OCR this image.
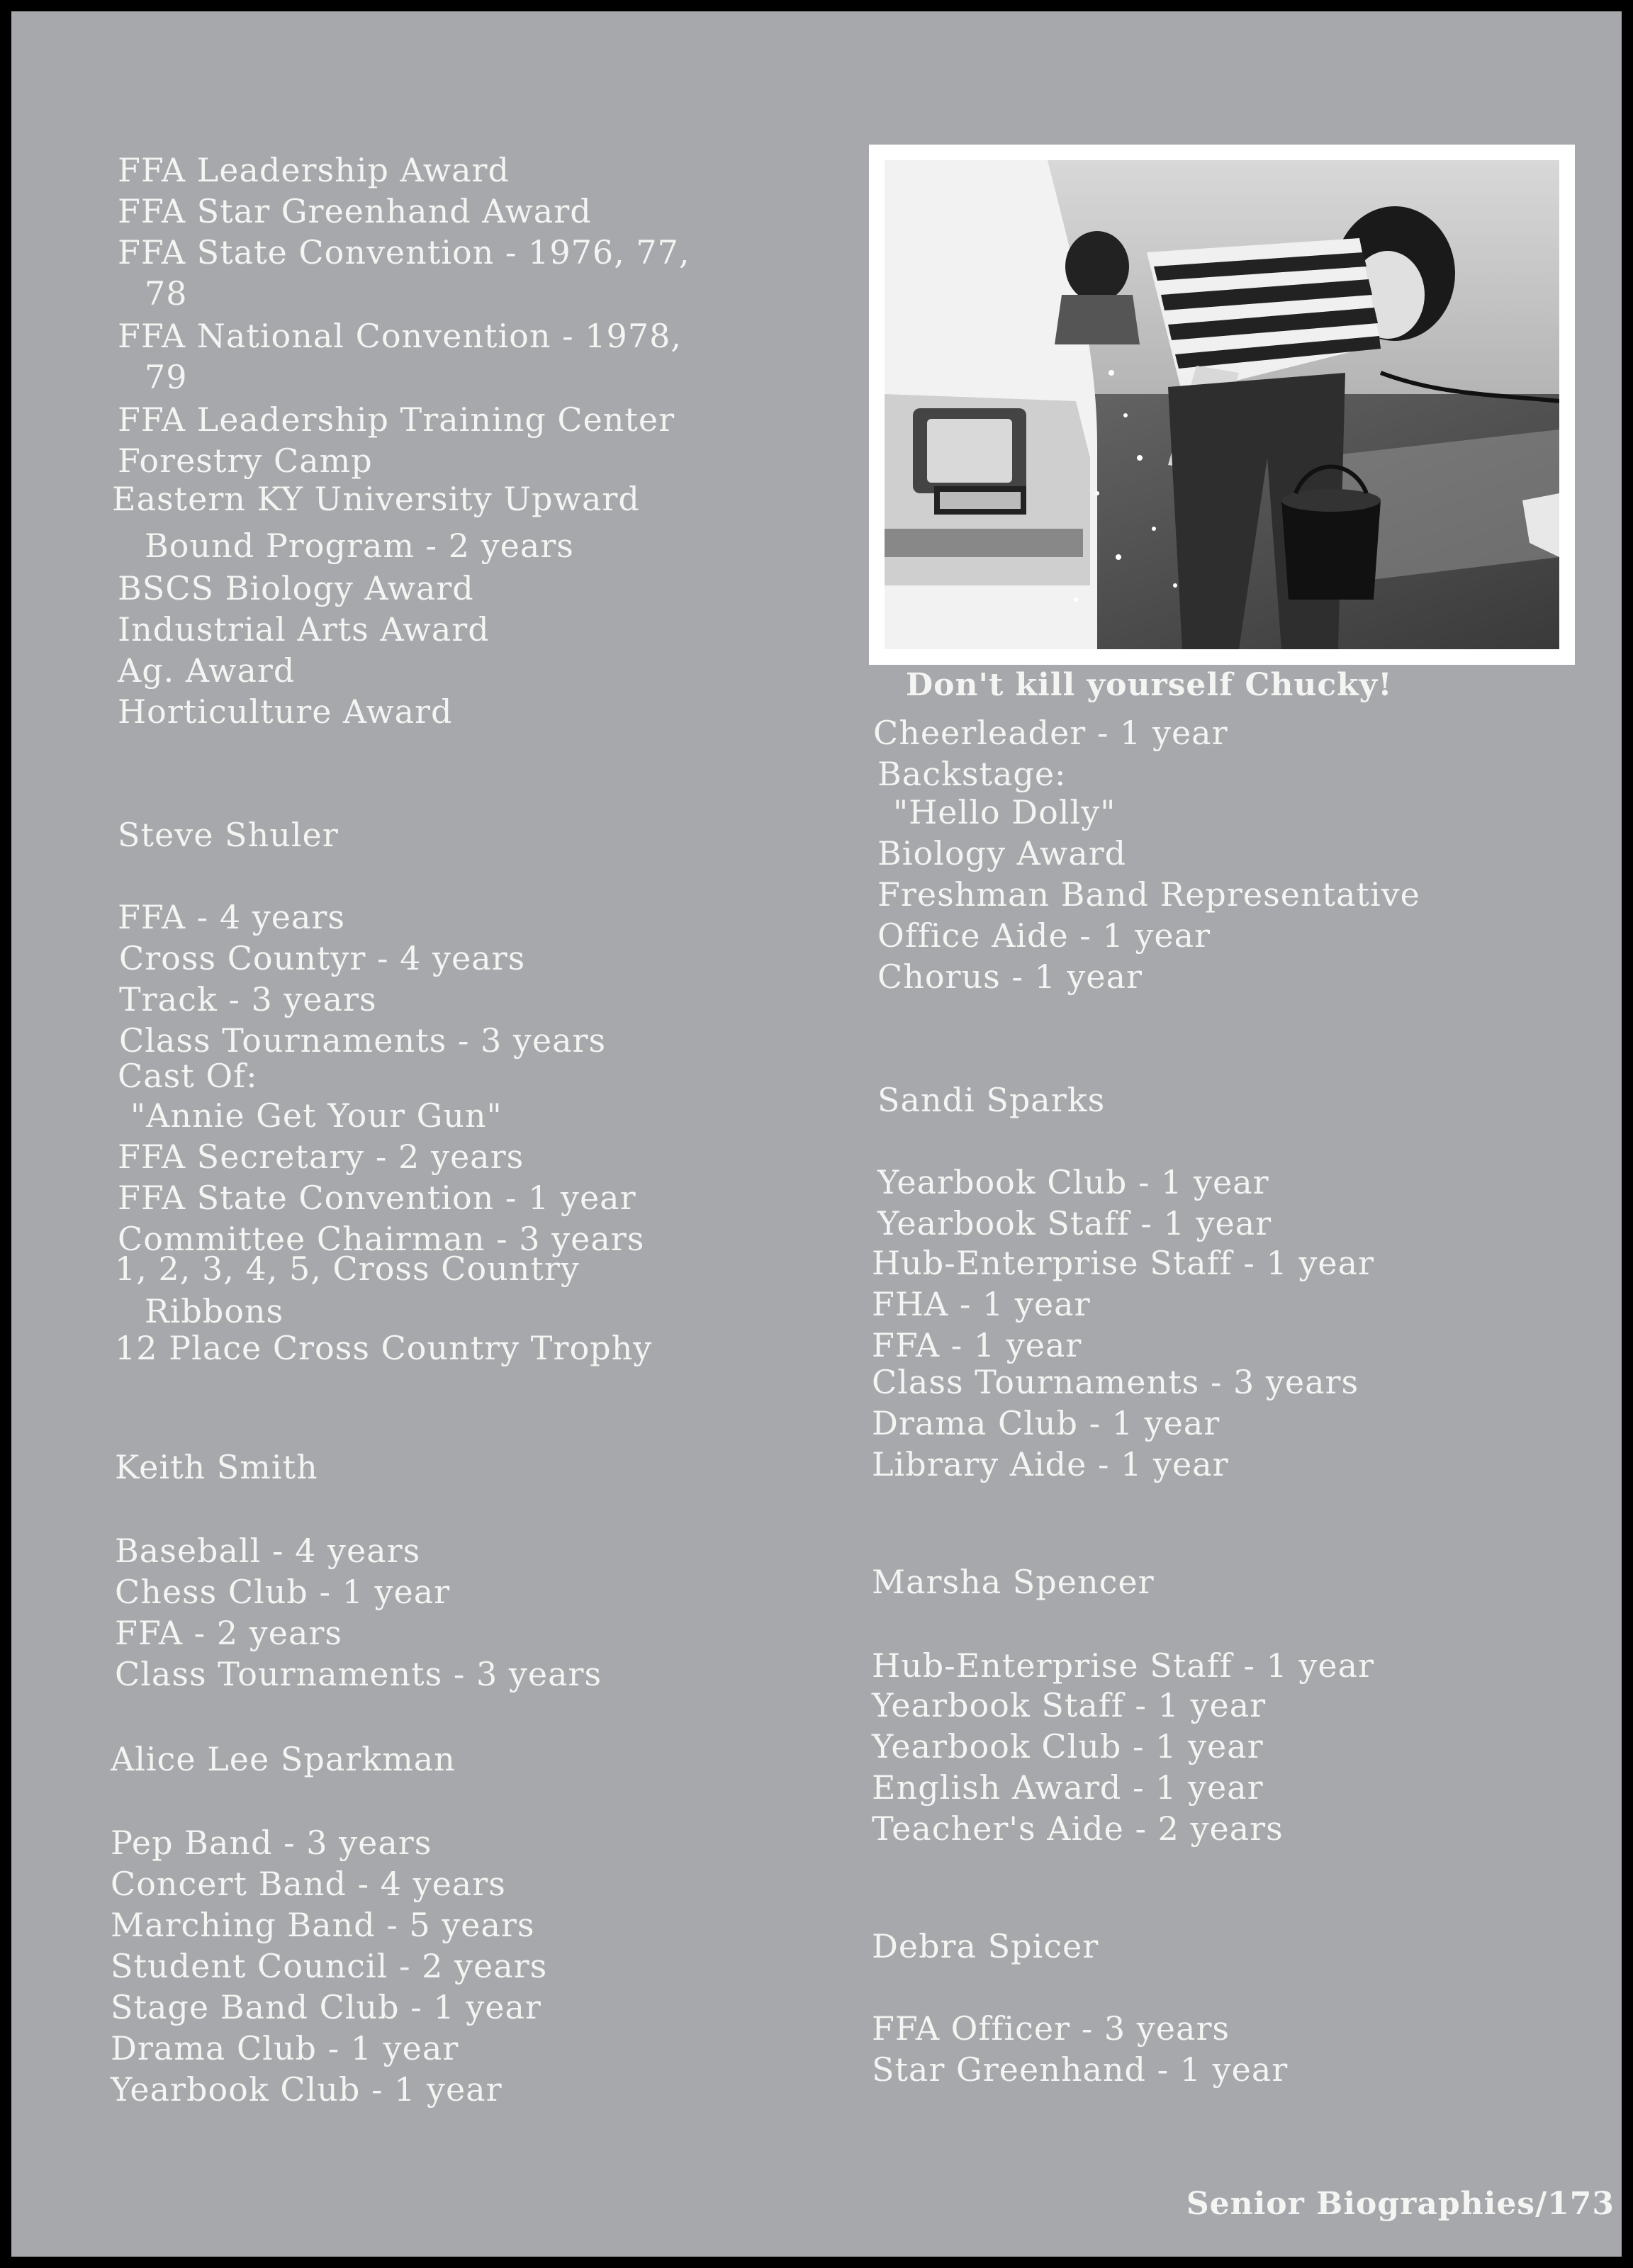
FFA Leadership Award
FFA Star Greenhand Award
FFA State Convention - 1976, 77,
78
FFA National Convention - 1978,
79
FFA Leadership Training Center
Forestry Camp
Eastern KY University Upward
Bound Program - 2 years
BSCS Biology Award
Industrial Arts Award
Ag. Award
Horticulture Award
Steve Shuler
FFA - 4 years
Cross Countyr - 4 years
Track - 3 years
Class Tournaments - 3 years
Cast Of:
"Annie Get Your Gun"
FFA Secretary - 2 years
FFA State Convention - 1 year
Committee Chairman - 3 years
1, 2, 3, 4, 5, Cross Country
Ribbons
12 Place Cross Country Trophy
Keith Smith
Baseball - 4 years
Chess Club - 1 year
FFA - 2 years
Class Tournaments - 3 years
Alice Lee Sparkman
Pep Band - 3 years
Concert Band - 4 years
Marching Band - 5 years
Student Council - 2 years
Stage Band Club - 1 year
Drama Club - 1 year
Yearbook Club - 1 year
Don't kill yourself Chucky!
Cheerleader - 1 year
Backstage:
"Hello Dolly"
Biology Award
Freshman Band Representative
Office Aide - 1 year
Chorus - 1 year
Sandi Sparks
Yearbook Club - 1 year
Yearbook Staff - 1 year
Hub-Enterprise Staff - 1 year
FHA - 1 year
FFA - 1 year
Class Tournaments - 3 years
Drama Club - 1 year
Library Aide - 1 year
Marsha Spencer
Hub-Enterprise Staff - 1 year
Yearbook Staff - 1 year
Yearbook Club - 1 year
English Award - 1 year
Teacher's Aide - 2 years
Debra Spicer
FFA Officer - 3 years
Star Greenhand - 1 year
Senior Biographies/173
